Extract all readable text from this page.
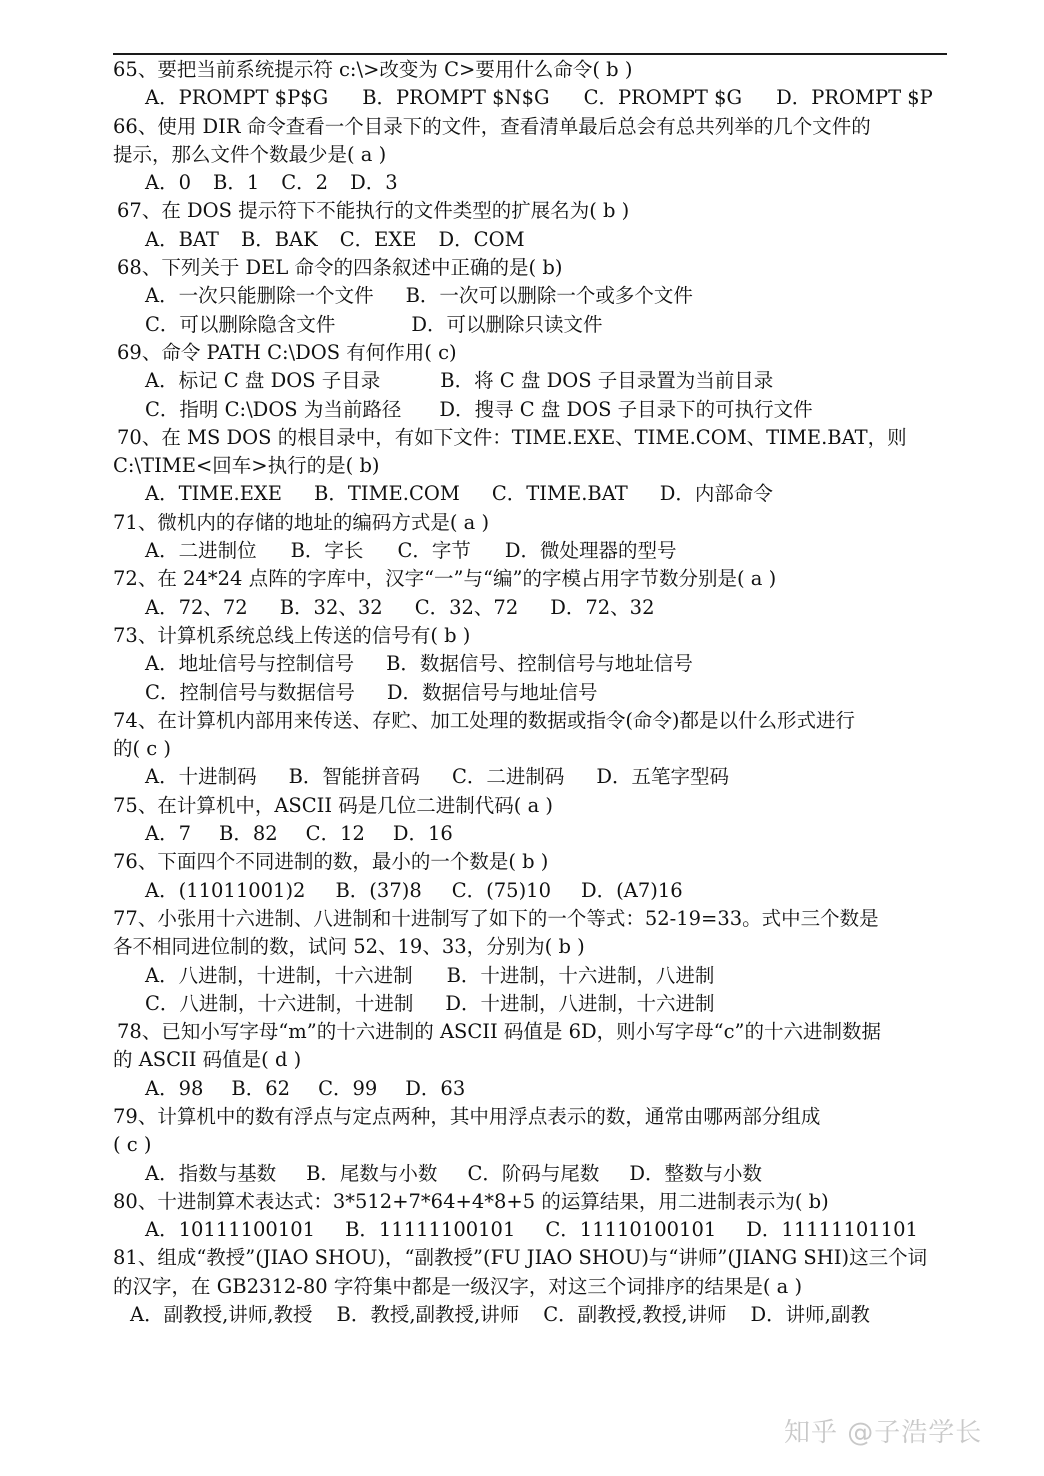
65、要把当前系统提示符 c:\>改变为 C>要用什么命令( b )
A．PROMPT $P$G B．PROMPT $N$G C．PROMPT $G D．PROMPT $P
66、使用 DIR 命令查看一个目录下的文件，查看清单最后总会有总共列举的几个文件的
提示，那么文件个数最少是( a )
A．0 B．1 C．2 D．3
67、在 DOS 提示符下不能执行的文件类型的扩展名为( b )
A．BAT B．BAK C．EXE D．COM
68、下列关于 DEL 命令的四条叙述中正确的是( b)
A．一次只能删除一个文件 B．一次可以删除一个或多个文件
C．可以删除隐含文件	D．可以删除只读文件
69、命令 PATH C:\DOS 有何作用( c)
A．标记 C 盘 DOS 子目录	B．将 C 盘 DOS 子目录置为当前目录
C．指明 C:\DOS 为当前路径 D．搜寻 C 盘 DOS 子目录下的可执行文件
70、在 MS DOS 的根目录中，有如下文件：TIME.EXE、TIME.COM、TIME.BAT，则
C:\TIME<回车>执行的是( b)
A．TIME.EXE B．TIME.COM C．TIME.BAT D．内部命令
71、微机内的存储的地址的编码方式是( a )
A．二进制位 B．字长 C．字节 D．微处理器的型号
72、在 24*24 点阵的字库中，汉字“一”与“编”的字模占用字节数分别是( a )
A．72、72 B．32、32 C．32、72 D．72、32
73、计算机系统总线上传送的信号有( b )
A．地址信号与控制信号 B．数据信号、控制信号与地址信号
C．控制信号与数据信号 D．数据信号与地址信号
74、在计算机内部用来传送、存贮、加工处理的数据或指令(命令)都是以什么形式进行
的( c )
A．十进制码 B．智能拼音码 C．二进制码 D．五笔字型码
75、在计算机中，ASCII 码是几位二进制代码( a )
A．7 B．82 C．12 D．16
76、下面四个不同进制的数，最小的一个数是( b )
A．(11011001)2 B．(37)8 C．(75)10 D．(A7)16
77、小张用十六进制、八进制和十进制写了如下的一个等式：52-19=33。式中三个数是
各不相同进位制的数，试问 52、19、33，分别为( b )
A．八进制，十进制，十六进制 B．十进制，十六进制，八进制
C．八进制，十六进制，十进制 D．十进制，八进制，十六进制
78、已知小写字母“m”的十六进制的 ASCII 码值是 6D，则小写字母“c”的十六进制数据
的 ASCII 码值是( d )
A．98 B．62 C．99 D．63
79、计算机中的数有浮点与定点两种，其中用浮点表示的数，通常由哪两部分组成
( c )
A．指数与基数 B．尾数与小数 C．阶码与尾数 D．整数与小数
80、十进制算术表达式：3*512+7*64+4*8+5 的运算结果，用二进制表示为( b)
A．10111100101 B．11111100101 C．11110100101 D．11111101101
81、组成“教授”(JIAO SHOU)，“副教授”(FU JIAO SHOU)与“讲师”(JIANG SHI)这三个词
的汉字，在 GB2312-80 字符集中都是一级汉字，对这三个词排序的结果是( a )
A．副教授,讲师,教授 B．教授,副教授,讲师 C．副教授,教授,讲师 D．讲师,副教
知乎 @子浩学长
